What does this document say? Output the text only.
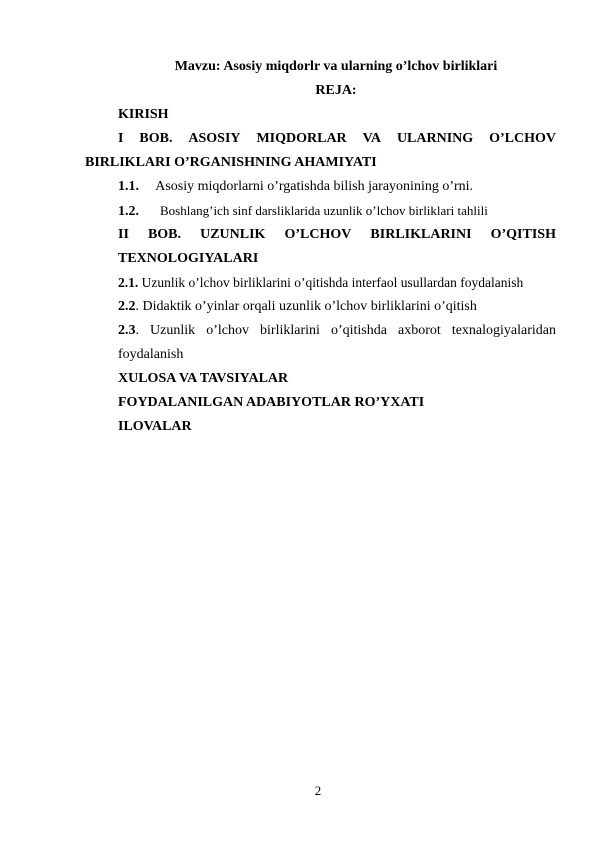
Mavzu: Asosiy miqdorlr va ularning o’lchov birliklari
REJA:
KIRISH
I BOB. ASOSIY MIQDORLAR VA ULARNING O’LCHOV
BIRLIKLARI O’RGANISHNING AHAMIYATI
1.1. Asosiy miqdorlarni o’rgatishda bilish jarayonining o’rni.
1.2. Boshlang’ich sinf darsliklarida uzunlik o’lchov birliklari tahlili
II BOB. UZUNLIK O’LCHOV BIRLIKLARINI O’QITISH
TEXNOLOGIYALARI
2.1. Uzunlik o’lchov birliklarini o’qitishda interfaol usullardan foydalanish
2.2. Didaktik o’yinlar orqali uzunlik o’lchov birliklarini o’qitish
2.3. Uzunlik o’lchov birliklarini o’qitishda axborot texnalogiyalaridan
foydalanish
XULOSA VA TAVSIYALAR
FOYDALANILGAN ADABIYOTLAR RO’YXATI
ILOVALAR
2
